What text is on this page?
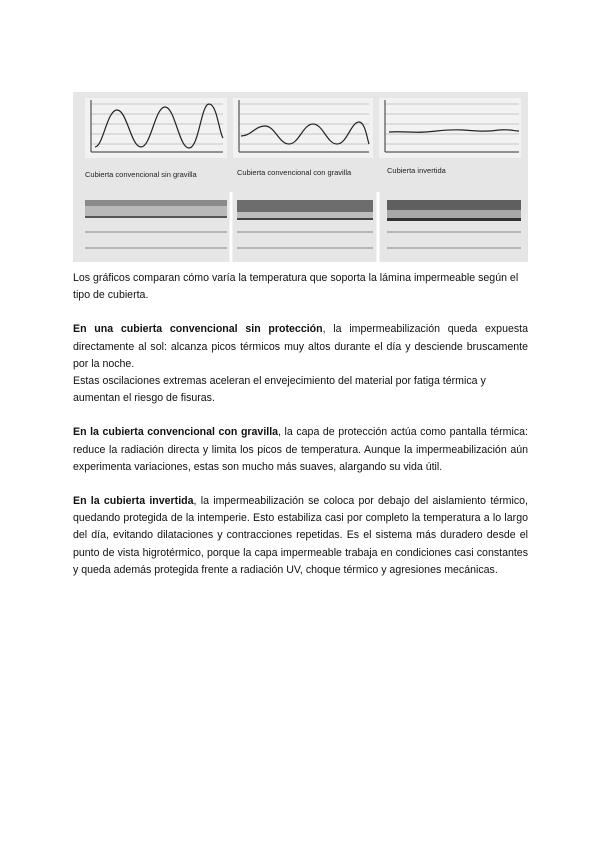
Cubierta convencional sin gravilla	Cubierta convencional con gravilla	Cubierta invertida

Los gráficos comparan cómo varía la temperatura que soporta la lámina impermeable según el tipo de cubierta.

En una cubierta convencional sin protección, la impermeabilización queda expuesta directamente al sol: alcanza picos térmicos muy altos durante el día y desciende bruscamente por la noche.

Estas oscilaciones extremas aceleran el envejecimiento del material por fatiga térmica y aumentan el riesgo de fisuras.

En la cubierta convencional con gravilla, la capa de protección actúa como pantalla térmica: reduce la radiación directa y limita los picos de temperatura. Aunque la impermeabilización aún experimenta variaciones, estas son mucho más suaves, alargando su vida útil.

En la cubierta invertida, la impermeabilización se coloca por debajo del aislamiento térmico, quedando protegida de la intemperie. Esto estabiliza casi por completo la temperatura a lo largo del día, evitando dilataciones y contracciones repetidas. Es el sistema más duradero desde el punto de vista higrotérmico, porque la capa impermeable trabaja en condiciones casi constantes y queda además protegida frente a radiación UV, choque térmico y agresiones mecánicas.
